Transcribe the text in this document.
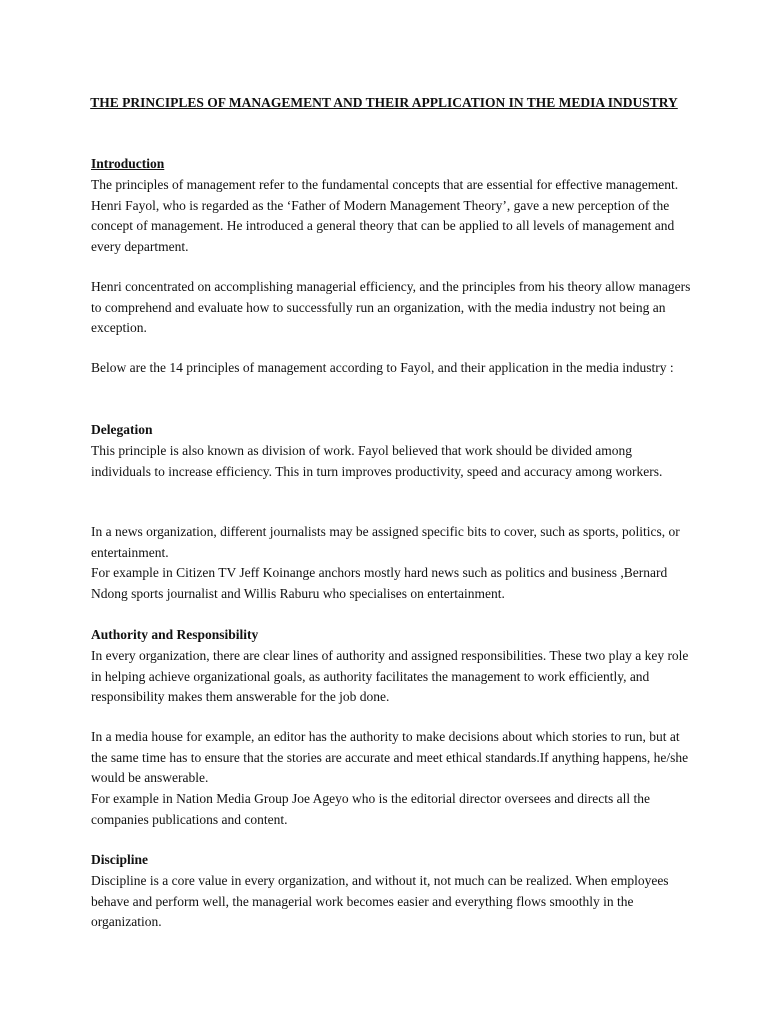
THE PRINCIPLES OF MANAGEMENT AND THEIR APPLICATION IN THE MEDIA INDUSTRY
Introduction

The principles of management refer to the fundamental concepts that are essential for effective management. Henri Fayol, who is regarded as the ‘Father of Modern Management Theory’, gave a new perception of the concept of management. He introduced a general theory that can be applied to all levels of management and every department.

Henri concentrated on accomplishing managerial efficiency, and the principles from his theory allow managers to comprehend and evaluate how to successfully run an organization, with the media industry not being an exception.

Below are the 14 principles of management according to Fayol, and their application in the media industry :

Delegation

This principle is also known as division of work. Fayol believed that work should be divided among individuals to increase efficiency. This in turn improves productivity, speed and accuracy among workers.

In a news organization, different journalists may be assigned specific bits to cover, such as sports, politics, or entertainment.

For example in Citizen TV Jeff Koinange anchors mostly hard news such as politics and business ,Bernard Ndong sports journalist and Willis Raburu who specialises on entertainment.

Authority and Responsibility

In every organization, there are clear lines of authority and assigned responsibilities. These two play a key role in helping achieve organizational goals, as authority facilitates the management to work efficiently, and responsibility makes them answerable for the job done.

In a media house for example, an editor has the authority to make decisions about which stories to run, but at the same time has to ensure that the stories are accurate and meet ethical standards.If anything happens, he/she would be answerable.

For example in Nation Media Group Joe Ageyo who is the editorial director oversees and directs all the companies publications and content.

Discipline

Discipline is a core value in every organization, and without it, not much can be realized. When employees behave and perform well, the managerial work becomes easier and everything flows smoothly in the organization.
